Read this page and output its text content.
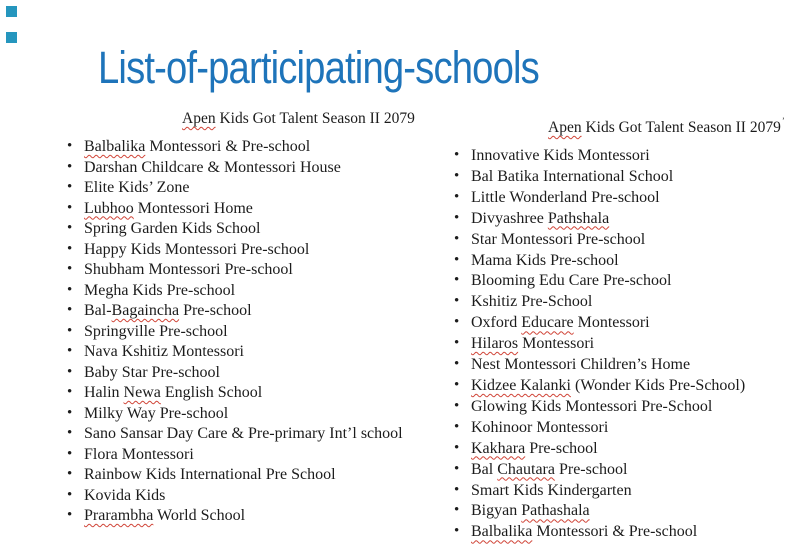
List-of-participating-schools
Apen Kids Got Talent Season II 2079
• Balbalika Montessori & Pre-school
• Darshan Childcare & Montessori House
• Elite Kids’ Zone
• Lubhoo Montessori Home
• Spring Garden Kids School
• Happy Kids Montessori Pre-school
• Shubham Montessori Pre-school
• Megha Kids Pre-school
• Bal-Bagaincha Pre-school
• Springville Pre-school
• Nava Kshitiz Montessori
• Baby Star Pre-school
• Halin Newa English School
• Milky Way Pre-school
• Sano Sansar Day Care & Pre-primary Int’l school
• Flora Montessori
• Rainbow Kids International Pre School
• Kovida Kids
• Prarambha World School
Apen Kids Got Talent Season II $2079^ʼ$
• Innovative Kids Montessori
• Bal Batika International School
• Little Wonderland Pre-school
• Divyashree Pathshala
• Star Montessori Pre-school
• Mama Kids Pre-school
• Blooming Edu Care Pre-school
• Kshitiz Pre-School
• Oxford Educare Montessori
• Hilaros Montessori
• Nest Montessori Children’s Home
• Kidzee Kalanki (Wonder Kids Pre-School)
• Glowing Kids Montessori Pre-School
• Kohinoor Montessori
• Kakhara Pre-school
• Bal Chautara Pre-school
• Smart Kids Kindergarten
• Bigyan Pathashala
• Balbalika Montessori & Pre-school
